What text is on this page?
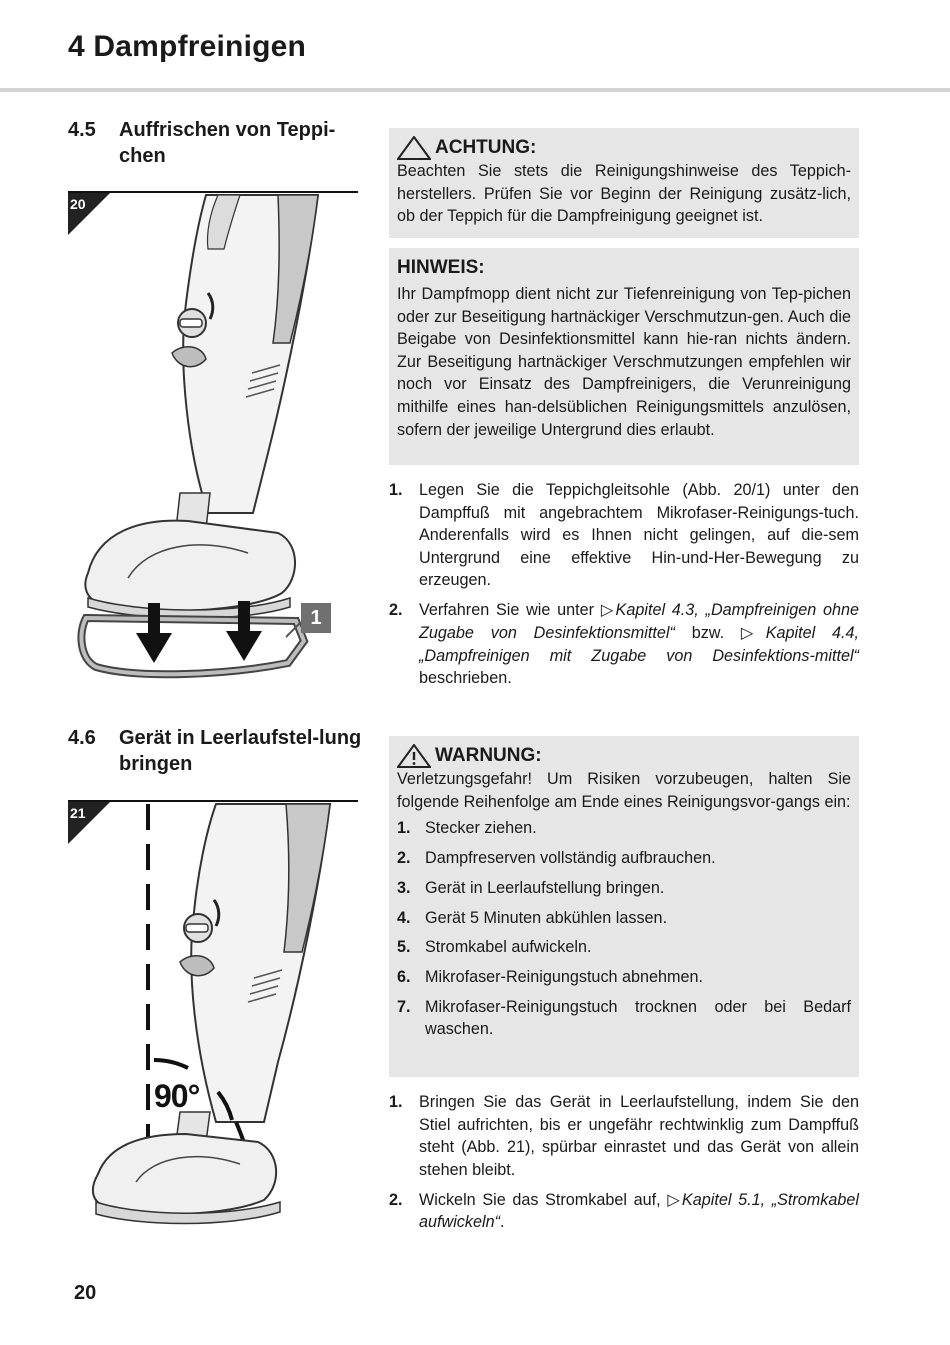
4 Dampfreinigen
4.5 Auffrischen von Teppi-chen
20
1
ACHTUNG:

Beachten Sie stets die Reinigungshinweise des Teppich-herstellers. Prüfen Sie vor Beginn der Reinigung zusätz-lich, ob der Teppich für die Dampfreinigung geeignet ist.

HINWEIS:

Ihr Dampfmopp dient nicht zur Tiefenreinigung von Tep-pichen oder zur Beseitigung hartnäckiger Verschmutzun-gen. Auch die Beigabe von Desinfektionsmittel kann hie-ran nichts ändern. Zur Beseitigung hartnäckiger Verschmutzungen empfehlen wir noch vor Einsatz des Dampfreinigers, die Verunreinigung mithilfe eines han-delsüblichen Reinigungsmittels anzulösen, sofern der jeweilige Untergrund dies erlaubt.

1.	Legen Sie die Teppichgleitsohle (Abb. 20/1) unter den Dampffuß mit angebrachtem Mikrofaser-Reinigungs-tuch. Anderenfalls wird es Ihnen nicht gelingen, auf die-sem Untergrund eine effektive Hin-und-Her-Bewegung zu erzeugen.
2.	Verfahren Sie wie unter ▷Kapitel 4.3, „Dampfreinigen ohne Zugabe von Desinfektionsmittel“ bzw. ▷Kapitel 4.4, „Dampfreinigen mit Zugabe von Desinfektions-mittel“ beschrieben.
4.6 Gerät in Leerlaufstel-lung bringen
21
90°
WARNUNG:

Verletzungsgefahr! Um Risiken vorzubeugen, halten Sie folgende Reihenfolge am Ende eines Reinigungsvor-gangs ein:

1. Stecker ziehen.
2. Dampfreserven vollständig aufbrauchen.
3. Gerät in Leerlaufstellung bringen.
4. Gerät 5 Minuten abkühlen lassen.
5. Stromkabel aufwickeln.
6. Mikrofaser-Reinigungstuch abnehmen.
7. Mikrofaser-Reinigungstuch trocknen oder bei Bedarf waschen.
1.	Bringen Sie das Gerät in Leerlaufstellung, indem Sie den Stiel aufrichten, bis er ungefähr rechtwinklig zum Dampffuß steht (Abb. 21), spürbar einrastet und das Gerät von allein stehen bleibt.
2.	Wickeln Sie das Stromkabel auf, ▷Kapitel 5.1, „Stromkabel aufwickeln“.
20
